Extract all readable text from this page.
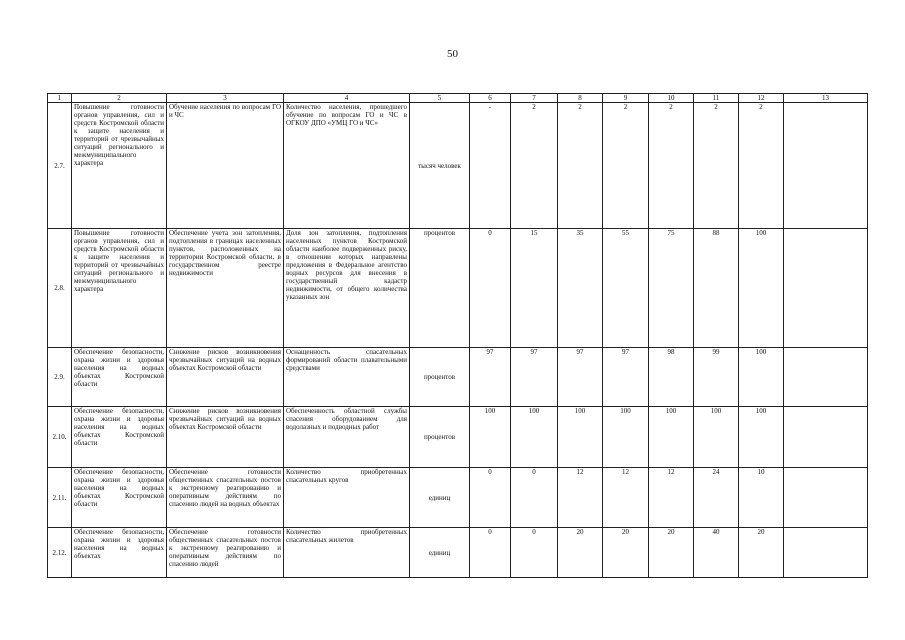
50
1	2	3	4	5	6	7	8	9	10	11	12	13
2.7.	Повышение готовности органов управления, сил и средств Костромской области к защите населения и территорий от чрезвычайных ситуаций регионального и межмуниципального характера	Обучение населения по вопросам ГО и ЧС	Количество населения, прошедшего обучение по вопросам ГО и ЧС в ОГКОУ ДПО «УМЦ ГО и ЧС»	тысяч человек	-	2	2	2	2	2	2	
2.8.	Повышение готовности органов управления, сил и средств Костромской области к защите населения и территорий от чрезвычайных ситуаций регионального и межмуниципального характера	Обеспечение учета зон затопления, подтопления в границах населенных пунктов, расположенных на территории Костромской области, в государственном реестре недвижимости	Доля зон затопления, подтопления населенных пунктов Костромской области наиболее подверженных риску, в отношении которых направлены предложения в Федеральное агентство водных ресурсов для внесения в государственный кадастр недвижимости, от общего количества указанных зон	процентов	0	15	35	55	75	88	100	
2.9.	Обеспечение безопасности, охрана жизни и здоровья населения на водных объектах Костромской области	Снижение рисков возникновения чрезвычайных ситуаций на водных объектах Костромской области	Оснащенность спасательных формирований области плавательными средствами	процентов	97	97	97	97	98	99	100	
2.10.	Обеспечение безопасности, охрана жизни и здоровья населения на водных объектах Костромской области	Снижение рисков возникновения чрезвычайных ситуаций на водных объектах Костромской области	Обеспеченность областной службы спасения оборудованием для водолазных и подводных работ	процентов	100	100	100	100	100	100	100	
2.11.	Обеспечение безопасности, охрана жизни и здоровья населения на водных объектах Костромской области	Обеспечение готовности общественных спасательных постов к экстренному реагированию и оперативным действиям по спасению людей на водных объектах	Количество приобретенных спасательных кругов	единиц	0	0	12	12	12	24	10	
2.12.	Обеспечение безопасности, охрана жизни и здоровья населения на водных объектах	Обеспечение готовности общественных спасательных постов к экстренному реагированию и оперативным действиям по спасению людей	Количество приобретенных спасательных жилетов	единиц	0	0	20	20	20	40	20	
